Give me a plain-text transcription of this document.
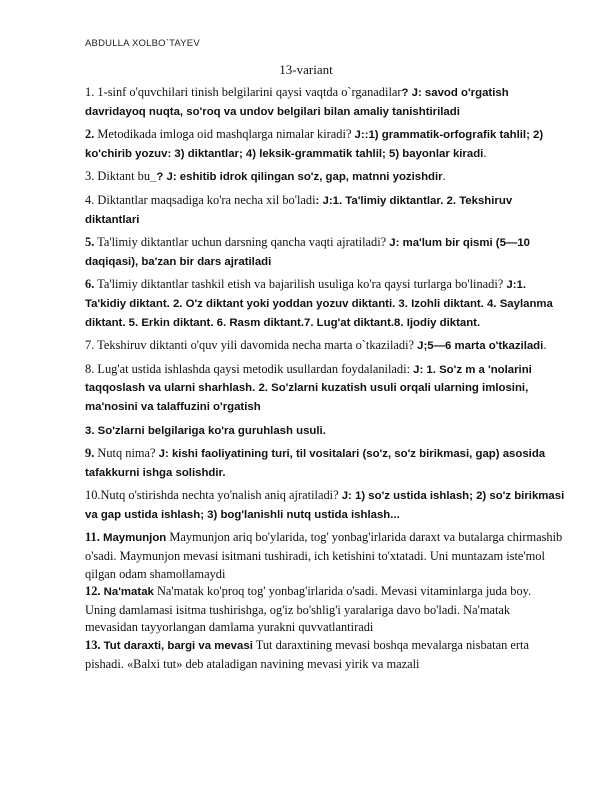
ABDULLA XOLBO`TAYEV
13-variant

1. 1-sinf o'quvchilari tinish belgilarini qaysi vaqtda o`rganadilar? J: savod o'rgatish davridayoq nuqta, so'roq va undov belgilari bilan amaliy tanishtiriladi

2. Metodikada imloga oid mashqlarga nimalar kiradi? J::1) grammatik-orfografik tahlil; 2) ko'chirib yozuv: 3) diktantlar; 4) leksik-grammatik tahlil; 5) bayonlar kiradi.

3. Diktant bu_? J: eshitib idrok qilingan so'z, gap, matnni yozishdir.

4. Diktantlar maqsadiga ko'ra necha xil bo'ladi: J:1. Ta'limiy diktantlar. 2. Tekshiruv diktantlari

5. Ta'limiy diktantlar uchun darsning qancha vaqti ajratiladi? J: ma'lum bir qismi (5—10 daqiqasi), ba'zan bir dars ajratiladi

6. Ta'limiy diktantlar tashkil etish va bajarilish usuliga ko'ra qaysi turlarga bo'linadi? J:1. Ta'kidiy diktant. 2. O'z diktant yoki yoddan yozuv diktanti. 3. Izohli diktant. 4. Saylanma diktant. 5. Erkin diktant. 6. Rasm diktant.7. Lug'at diktant.8. Ijodiy diktant.

7. Tekshiruv diktanti o'quv yili davomida necha marta o`tkaziladi? J;5—6 marta o'tkaziladi.

8. Lug'at ustida ishlashda qaysi metodik usullardan foydalaniladi: J: 1. So'z m a 'nolarini taqqoslash va ularni sharhlash. 2. So'zlarni kuzatish usuli orqali ularning imlosini, ma'nosini va talaffuzini o'rgatish

3. So'zlarni belgilariga ko'ra guruhlash usuli.

9. Nutq nima? J: kishi faoliyatining turi, til vositalari (so'z, so'z birikmasi, gap) asosida tafakkurni ishga solishdir.

10.Nutq o'stirishda nechta yo'nalish aniq ajratiladi? J: 1) so'z ustida ishlash; 2) so'z birikmasi va gap ustida ishlash; 3) bog'lanishli nutq ustida ishlash...

11. Maymunjon Maymunjon ariq bo'ylarida, tog' yonbag'irlarida daraxt va butalarga chirmashib o'sadi. Maymunjon mevasi isitmani tushiradi, ich ketishini to'xtatadi. Uni muntazam iste'mol qilgan odam shamollamaydi

12. Na'matak Na'matak ko'proq tog' yonbag'irlarida o'sadi. Mevasi vitaminlarga juda boy. Uning damlamasi isitma tushirishga, og'iz bo'shlig'i yaralariga davo bo'ladi. Na'matak mevasidan tayyorlangan damlama yurakni quvvatlantiradi

13. Tut daraxti, bargi va mevasi Tut daraxtining mevasi boshqa mevalarga nisbatan erta pishadi. «Balxi tut» deb ataladigan navining mevasi yirik va mazali
